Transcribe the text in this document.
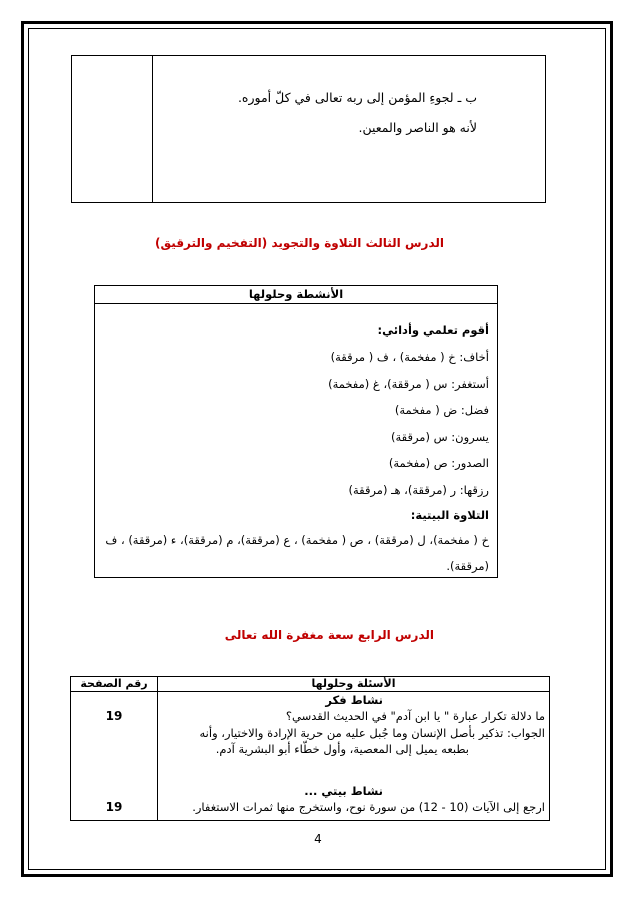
ب ـ لجوءِ المؤمن إلى ربه تعالى في كلّ أموره.
لأنه هو الناصر والمعين.
الدرس الثالث التلاوة والتجويد (التفخيم والترقيق)
الأنشطة وحلولها
أقوم تعلمي وأدائي:
أخاف: خ ( مفخمة) ، ف ( مرققة)
أستغفر: س ( مرققة)، غ (مفخمة)
فضل: ض ( مفخمة)
يسرون: س (مرققة)
الصدور: ص (مفخمة)
رزقها: ر (مرققة)، هـ (مرققة)
التلاوة البيتية:
خ ( مفخمة)، ل (مرققة) ، ص ( مفخمة) ، ع (مرققة)، م (مرققة)، ء (مرققة) ، ف
(مرققة).
الدرس الرابع سعة مغفرة الله تعالى
رقم الصفحة	الأسئلة وحلولها
نشاط فكر
ما دلالة تكرار عبارة " يا ابن آدم" في الحديث القدسي؟
الجواب: تذكير بأصل الإنسان وما جُبل عليه من حرية الإرادة والاختيار، وأنه
بطبعه يميل إلى المعصية، وأول خطّاء أبو البشرية آدم.
19
نشاط بيتي ...
ارجع إلى الآيات (10 - 12) من سورة نوح، واستخرج منها ثمرات الاستغفار.
19
4
